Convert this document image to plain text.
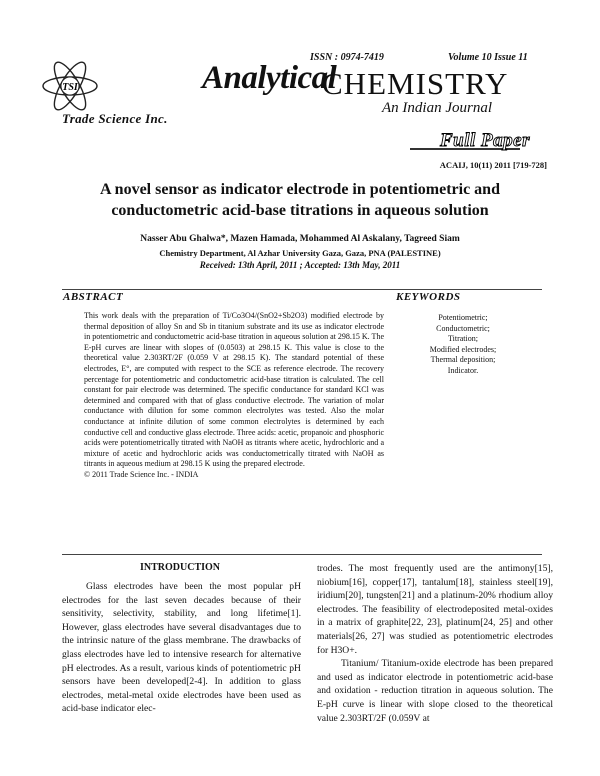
TSI
Trade Science Inc.
ISSN : 0974-7419	Volume 10 Issue 11
Analytical
CHEMISTRY
An Indian Journal
Full Paper
ACAIJ, 10(11) 2011 [719-728]
A novel sensor as indicator electrode in potentiometric and
conductometric acid-base titrations in aqueous solution
Nasser Abu Ghalwa*, Mazen Hamada, Mohammed Al Askalany, Tagreed Siam
Chemistry Department, Al Azhar University Gaza, Gaza, PNA (PALESTINE)
Received: 13th April, 2011 ; Accepted: 13th May, 2011
ABSTRACT	KEYWORDS
This work deals with the preparation of Ti/Co3O4/(SnO2+Sb2O3) modified electrode by thermal deposition of alloy Sn and Sb in titanium substrate and its use as indicator electrode in potentiometric and conductometric acid-base titration in aqueous solution at 298.15 K. The E-pH curves are linear with slopes of (0.0503) at 298.15 K. This value is close to the theoretical value 2.303RT/2F (0.059 V at 298.15 K). The standard potential of these electrodes, E°, are computed with respect to the SCE as reference electrode. The recovery percentage for potentiometric and conductometric acid-base titration is calculated. The cell constant for pair electrode was determined. The specific conductance for standard KCl was determined and compared with that of glass conductive electrode. The variation of molar conductance with dilution for some common electrolytes was tested. Also the molar conductance at infinite dilution of some common electrolytes is determined by each conductive cell and conductive glass electrode. Three acids: acetic, propanoic and phosphoric acids were potentiometrically titrated with NaOH as titrants where acetic, hydrochloric and a mixture of acetic and hydrochloric acids was conductometrically titrated with NaOH as titrants in aqueous medium at 298.15 K using the prepared electrode.
© 2011 Trade Science Inc. - INDIA
Potentiometric;
Conductometric;
Titration;
Modified electrodes;
Thermal deposition;
Indicator.
INTRODUCTION

Glass electrodes have been the most popular pH electrodes for the last seven decades because of their sensitivity, selectivity, stability, and long lifetime[1]. However, glass electrodes have several disadvantages due to the intrinsic nature of the glass membrane. The drawbacks of glass electrodes have led to intensive research for alternative pH electrodes. As a result, various kinds of potentiometric pH sensors have been developed[2-4]. In addition to glass electrodes, metal-metal oxide electrodes have been used as acid-base indicator elec-

trodes. The most frequently used are the antimony[15], niobium[16], copper[17], tantalum[18], stainless steel[19], iridium[20], tungsten[21] and a platinum-20% rhodium alloy electrodes. The feasibility of electrodeposited metal-oxides in a matrix of graphite[22, 23], platinum[24, 25] and other materials[26, 27] was studied as potentiometric electrodes for H3O+.

Titanium/ Titanium-oxide electrode has been prepared and used as indicator electrode in potentiometric acid-base and oxidation - reduction titration in aqueous solution. The E-pH curve is linear with slope closed to the theoretical value 2.303RT/2F (0.059V at
